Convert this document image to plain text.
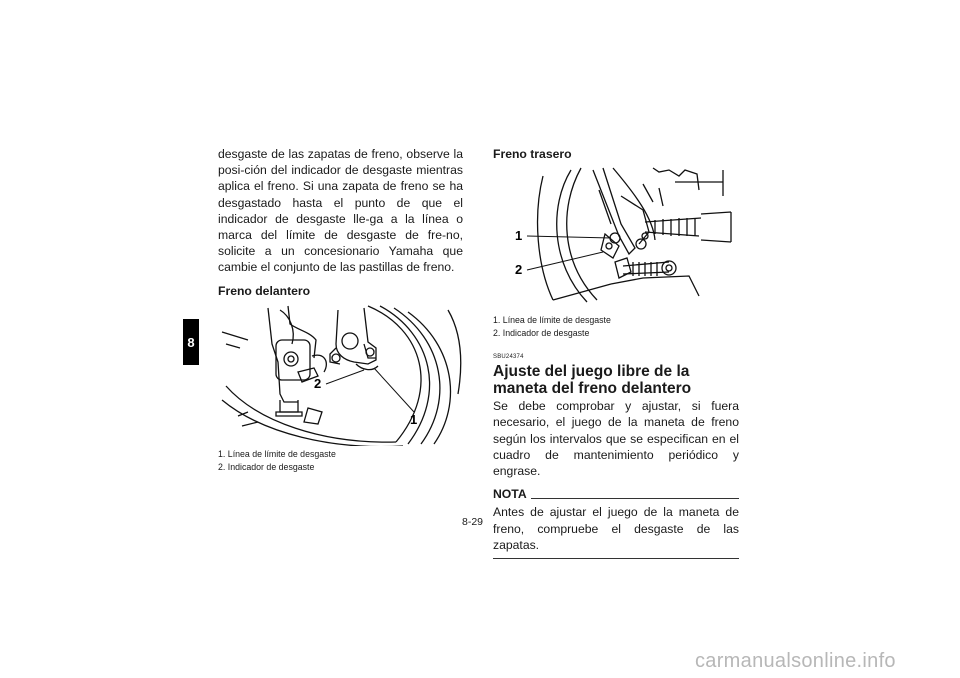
8

desgaste de las zapatas de freno, observe la posi-ción del indicador de desgaste mientras aplica el freno. Si una zapata de freno se ha desgastado hasta el punto de que el indicador de desgaste lle-ga a la línea o marca del límite de desgaste de fre-no, solicite a un concesionario Yamaha que cambie el conjunto de las pastillas de freno.

Freno delantero

2
1
1. Línea de límite de desgaste
2. Indicador de desgaste

Freno trasero

1
2
1. Línea de límite de desgaste
2. Indicador de desgaste
SBU24374

Ajuste del juego libre de la maneta del freno delantero

Se debe comprobar y ajustar, si fuera necesario, el juego de la maneta de freno según los intervalos que se especifican en el cuadro de mantenimiento periódico y engrase.

NOTA

Antes de ajustar el juego de la maneta de freno, compruebe el desgaste de las zapatas.

8-29
carmanualsonline.info
